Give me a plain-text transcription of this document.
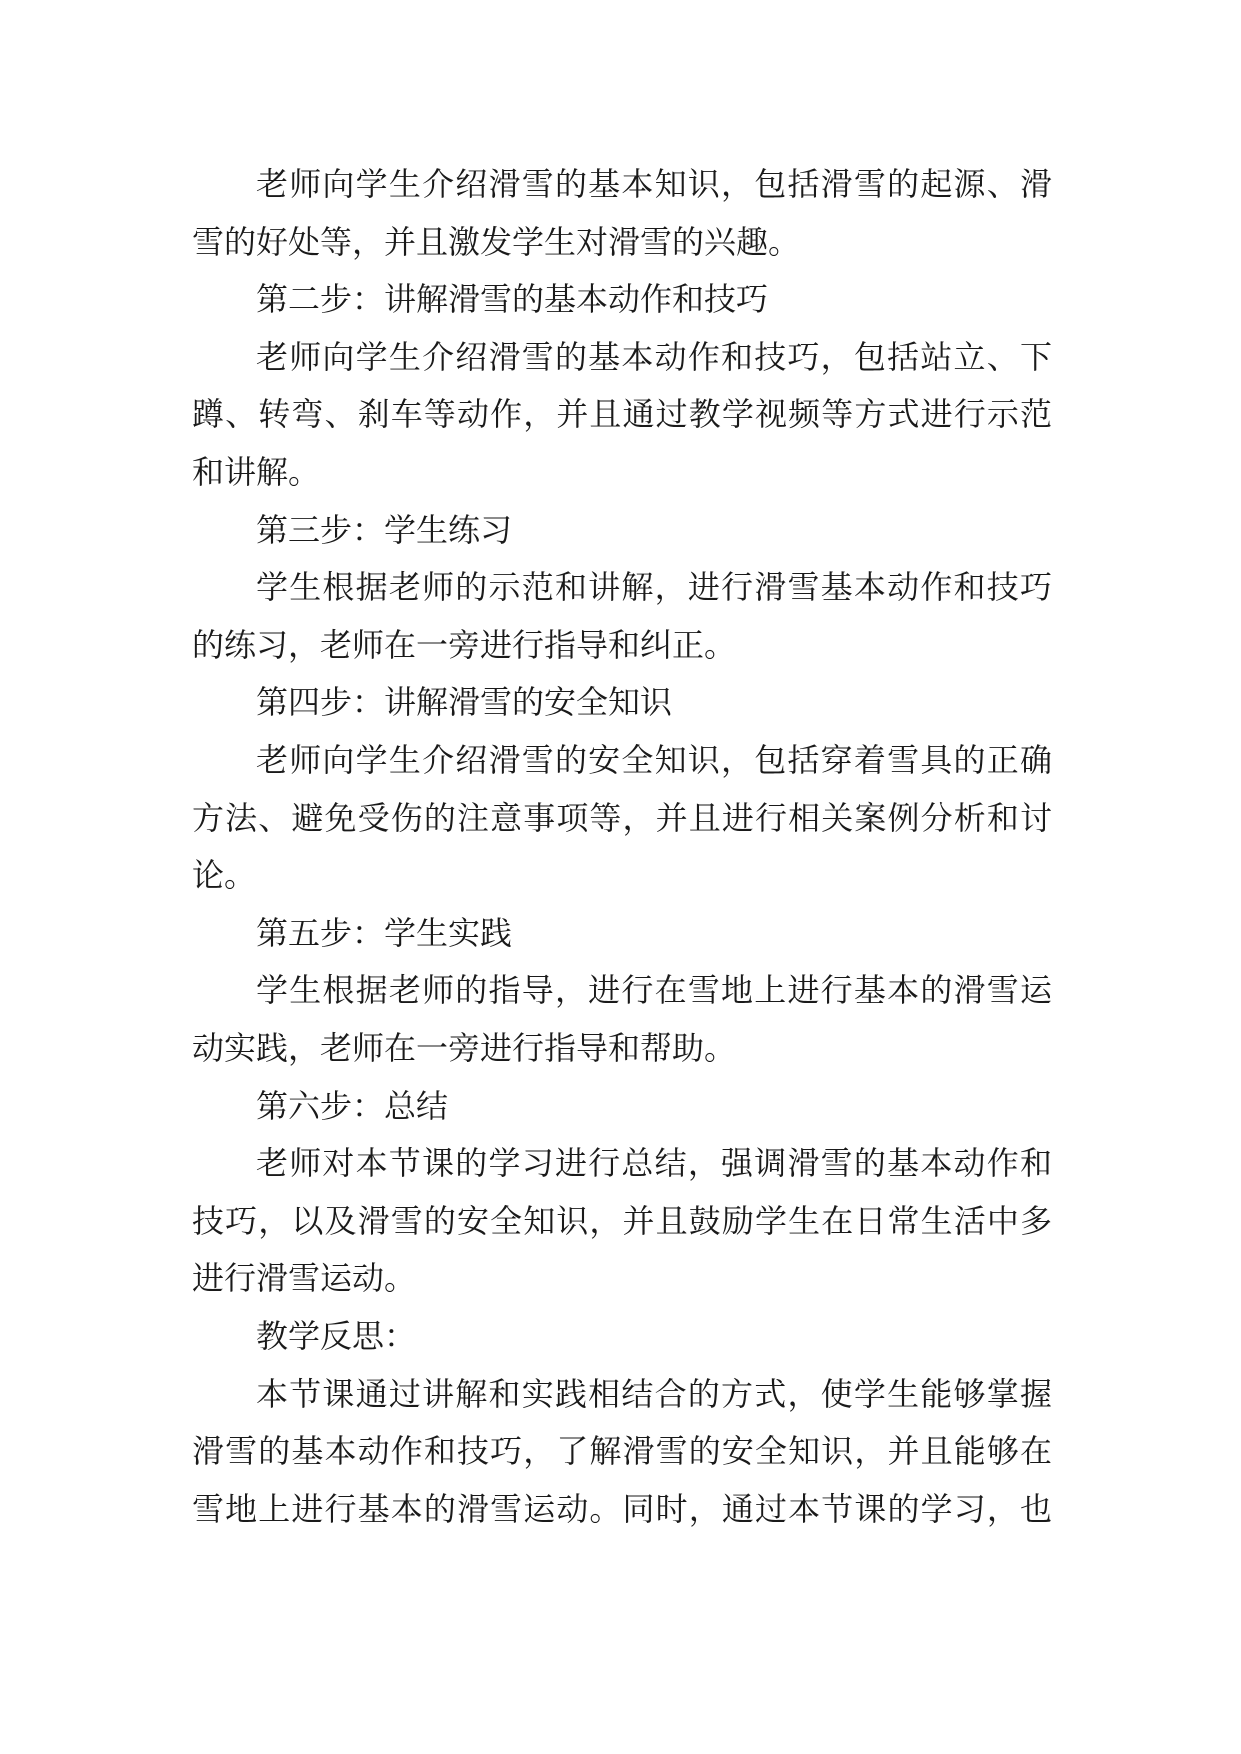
老师向学生介绍滑雪的基本知识，包括滑雪的起源、滑
雪的好处等，并且激发学生对滑雪的兴趣。
第二步：讲解滑雪的基本动作和技巧
老师向学生介绍滑雪的基本动作和技巧，包括站立、下
蹲、转弯、刹车等动作，并且通过教学视频等方式进行示范
和讲解。
第三步：学生练习
学生根据老师的示范和讲解，进行滑雪基本动作和技巧
的练习，老师在一旁进行指导和纠正。
第四步：讲解滑雪的安全知识
老师向学生介绍滑雪的安全知识，包括穿着雪具的正确
方法、避免受伤的注意事项等，并且进行相关案例分析和讨
论。
第五步：学生实践
学生根据老师的指导，进行在雪地上进行基本的滑雪运
动实践，老师在一旁进行指导和帮助。
第六步：总结
老师对本节课的学习进行总结，强调滑雪的基本动作和
技巧，以及滑雪的安全知识，并且鼓励学生在日常生活中多
进行滑雪运动。
教学反思：
本节课通过讲解和实践相结合的方式，使学生能够掌握
滑雪的基本动作和技巧，了解滑雪的安全知识，并且能够在
雪地上进行基本的滑雪运动。同时，通过本节课的学习，也
